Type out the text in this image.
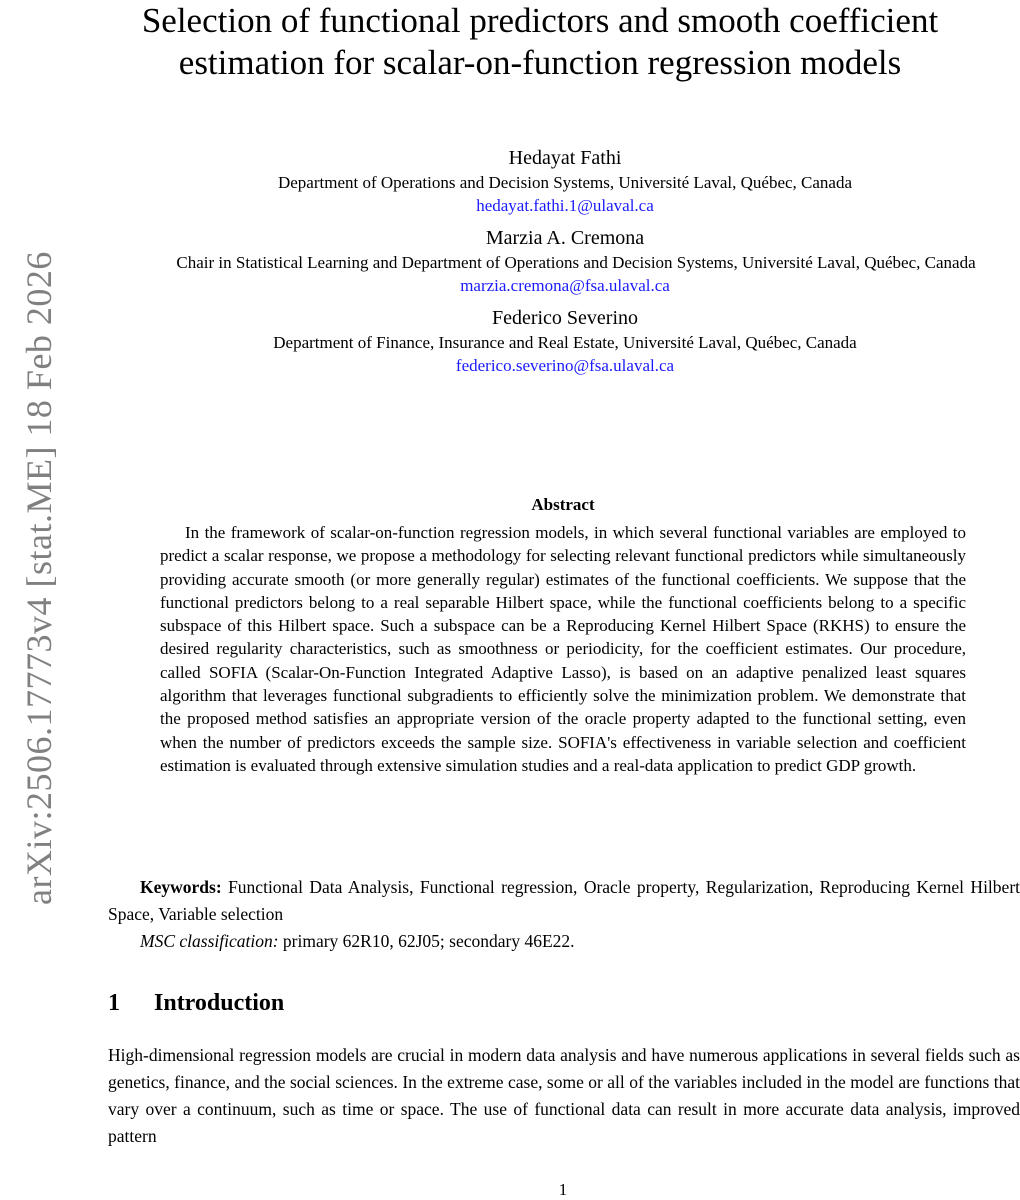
arXiv:2506.17773v4 [stat.ME] 18 Feb 2026
Selection of functional predictors and smooth coefficient estimation for scalar-on-function regression models
Hedayat Fathi
Department of Operations and Decision Systems, Université Laval, Québec, Canada
hedayat.fathi.1@ulaval.ca
Marzia A. Cremona
Chair in Statistical Learning and Department of Operations and Decision Systems, Université Laval, Québec, Canada
marzia.cremona@fsa.ulaval.ca
Federico Severino
Department of Finance, Insurance and Real Estate, Université Laval, Québec, Canada
federico.severino@fsa.ulaval.ca
Abstract

In the framework of scalar-on-function regression models, in which several functional variables are employed to predict a scalar response, we propose a methodology for selecting relevant functional predictors while simultaneously providing accurate smooth (or more generally regular) estimates of the functional coefficients. We suppose that the functional predictors belong to a real separable Hilbert space, while the functional coefficients belong to a specific subspace of this Hilbert space. Such a subspace can be a Reproducing Kernel Hilbert Space (RKHS) to ensure the desired regularity characteristics, such as smoothness or periodicity, for the coefficient estimates. Our procedure, called SOFIA (Scalar-On-Function Integrated Adaptive Lasso), is based on an adaptive penalized least squares algorithm that leverages functional subgradients to efficiently solve the minimization problem. We demonstrate that the proposed method satisfies an appropriate version of the oracle property adapted to the functional setting, even when the number of predictors exceeds the sample size. SOFIA's effectiveness in variable selection and coefficient estimation is evaluated through extensive simulation studies and a real-data application to predict GDP growth.

Keywords: Functional Data Analysis, Functional regression, Oracle property, Regularization, Reproducing Kernel Hilbert Space, Variable selection

MSC classification: primary 62R10, 62J05; secondary 46E22.

1 Introduction

High-dimensional regression models are crucial in modern data analysis and have numerous applications in several fields such as genetics, finance, and the social sciences. In the extreme case, some or all of the variables included in the model are functions that vary over a continuum, such as time or space. The use of functional data can result in more accurate data analysis, improved pattern

1
